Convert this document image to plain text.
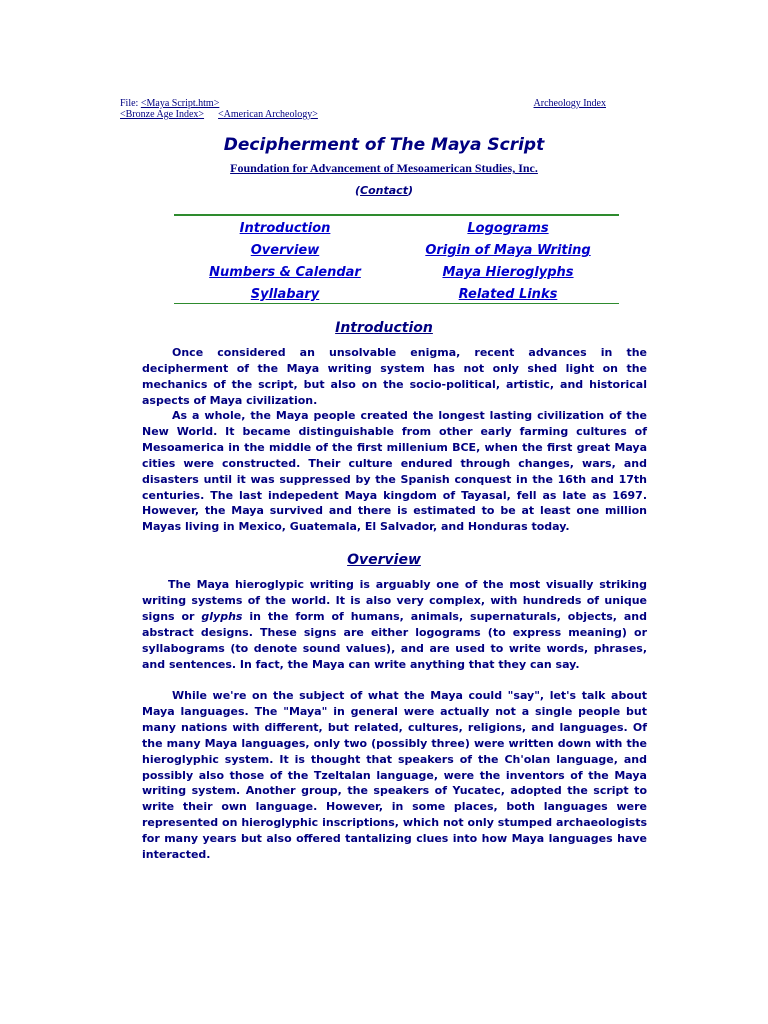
File: <Maya Script.htm>	Archeology Index
<Bronze Age Index> <American Archeology>
Decipherment of The Maya Script
Foundation for Advancement of Mesoamerican Studies, Inc.
(Contact)
Introduction
Overview
Numbers & Calendar
Syllabary
Logograms
Origin of Maya Writing
Maya Hieroglyphs
Related Links
Introduction

Once considered an unsolvable enigma, recent advances in the decipherment of the Maya writing system has not only shed light on the mechanics of the script, but also on the socio-political, artistic, and historical aspects of Maya civilization.

As a whole, the Maya people created the longest lasting civilization of the New World. It became distinguishable from other early farming cultures of Mesoamerica in the middle of the first millenium BCE, when the first great Maya cities were constructed. Their culture endured through changes, wars, and disasters until it was suppressed by the Spanish conquest in the 16th and 17th centuries. The last indepedent Maya kingdom of Tayasal, fell as late as 1697. However, the Maya survived and there is estimated to be at least one million Mayas living in Mexico, Guatemala, El Salvador, and Honduras today.

Overview

The Maya hieroglypic writing is arguably one of the most visually striking writing systems of the world. It is also very complex, with hundreds of unique signs or glyphs in the form of humans, animals, supernaturals, objects, and abstract designs. These signs are either logograms (to express meaning) or syllabograms (to denote sound values), and are used to write words, phrases, and sentences. In fact, the Maya can write anything that they can say.

While we're on the subject of what the Maya could "say", let's talk about Maya languages. The "Maya" in general were actually not a single people but many nations with different, but related, cultures, religions, and languages. Of the many Maya languages, only two (possibly three) were written down with the hieroglyphic system. It is thought that speakers of the Ch'olan language, and possibly also those of the Tzeltalan language, were the inventors of the Maya writing system. Another group, the speakers of Yucatec, adopted the script to write their own language. However, in some places, both languages were represented on hieroglyphic inscriptions, which not only stumped archaeologists for many years but also offered tantalizing clues into how Maya languages have interacted.
